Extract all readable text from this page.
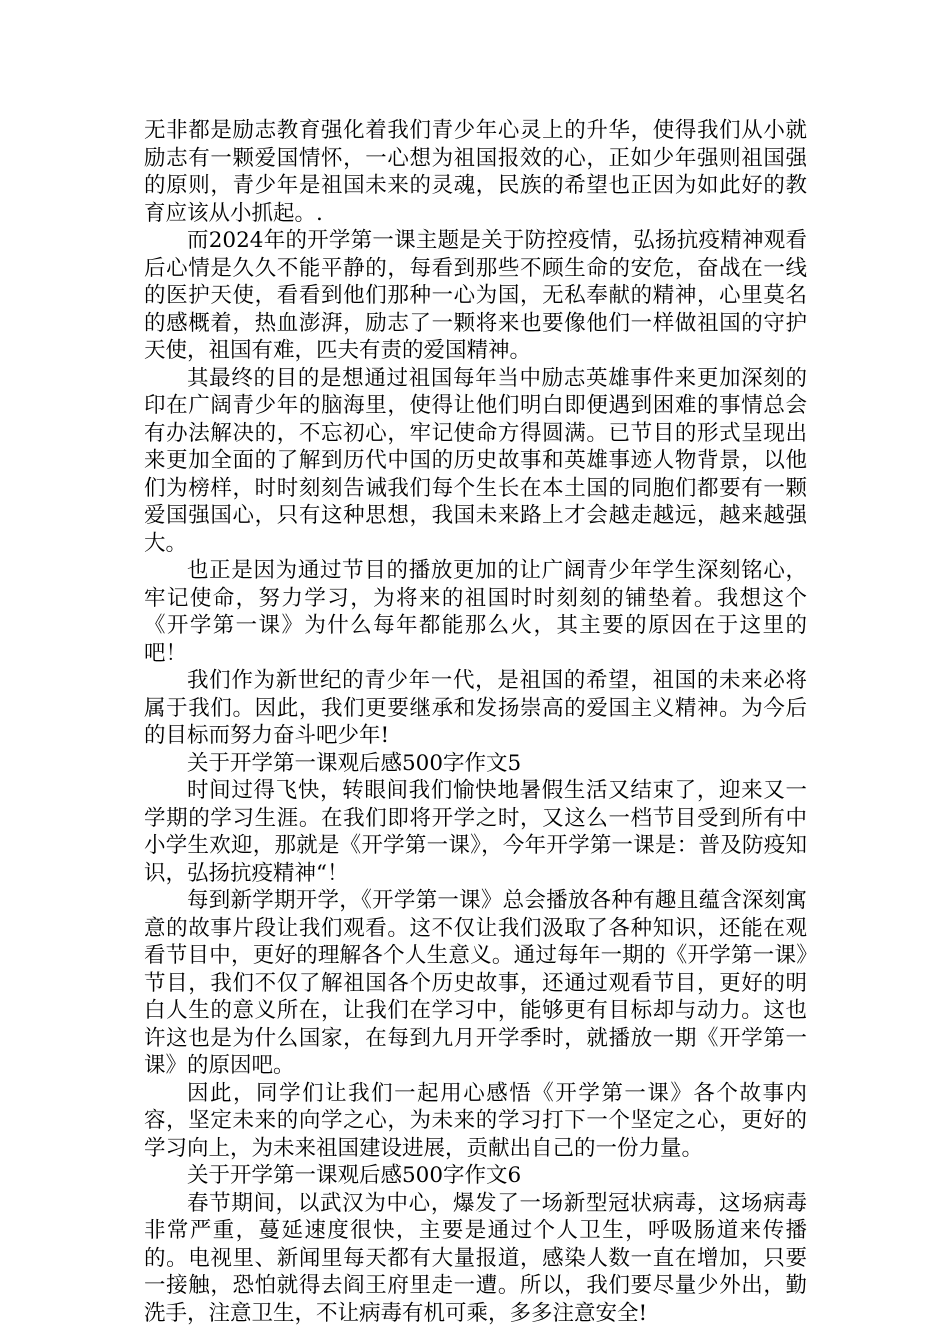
无非都是励志教育强化着我们青少年心灵上的升华，使得我们从小就励志有一颗爱国情怀，一心想为祖国报效的心，正如少年强则祖国强的原则，青少年是祖国未来的灵魂，民族的希望也正因为如此好的教育应该从小抓起。.

而2024年的开学第一课主题是关于防控疫情，弘扬抗疫精神观看后心情是久久不能平静的，每看到那些不顾生命的安危，奋战在一线的医护天使，看看到他们那种一心为国，无私奉献的精神，心里莫名的感概着，热血澎湃，励志了一颗将来也要像他们一样做祖国的守护天使，祖国有难，匹夫有责的爱国精神。

其最终的目的是想通过祖国每年当中励志英雄事件来更加深刻的印在广阔青少年的脑海里，使得让他们明白即便遇到困难的事情总会有办法解决的，不忘初心，牢记使命方得圆满。已节目的形式呈现出来更加全面的了解到历代中国的历史故事和英雄事迹人物背景，以他们为榜样，时时刻刻告诫我们每个生长在本土国的同胞们都要有一颗爱国强国心，只有这种思想，我国未来路上才会越走越远，越来越强大。

也正是因为通过节目的播放更加的让广阔青少年学生深刻铭心，牢记使命，努力学习，为将来的祖国时时刻刻的铺垫着。我想这个《开学第一课》为什么每年都能那么火，其主要的原因在于这里的吧！

我们作为新世纪的青少年一代，是祖国的希望，祖国的未来必将属于我们。因此，我们更要继承和发扬崇高的爱国主义精神。为今后的目标而努力奋斗吧少年!

关于开学第一课观后感500字作文5

时间过得飞快，转眼间我们愉快地暑假生活又结束了，迎来又一学期的学习生涯。在我们即将开学之时，又这么一档节目受到所有中小学生欢迎，那就是《开学第一课》，今年开学第一课是：普及防疫知识，弘扬抗疫精神“！

每到新学期开学，《开学第一课》总会播放各种有趣且蕴含深刻寓意的故事片段让我们观看。这不仅让我们汲取了各种知识，还能在观看节目中，更好的理解各个人生意义。通过每年一期的《开学第一课》节目，我们不仅了解祖国各个历史故事，还通过观看节目，更好的明白人生的意义所在，让我们在学习中，能够更有目标却与动力。这也许这也是为什么国家，在每到九月开学季时，就播放一期《开学第一课》的原因吧。

因此，同学们让我们一起用心感悟《开学第一课》各个故事内容，坚定未来的向学之心，为未来的学习打下一个坚定之心，更好的学习向上，为未来祖国建设进展，贡献出自己的一份力量。

关于开学第一课观后感500字作文6

春节期间，以武汉为中心，爆发了一场新型冠状病毒，这场病毒非常严重，蔓延速度很快，主要是通过个人卫生，呼吸肠道来传播的。电视里、新闻里每天都有大量报道，感染人数一直在增加，只要一接触，恐怕就得去阎王府里走一遭。所以，我们要尽量少外出，勤洗手，注意卫生，不让病毒有机可乘，多多注意安全!
